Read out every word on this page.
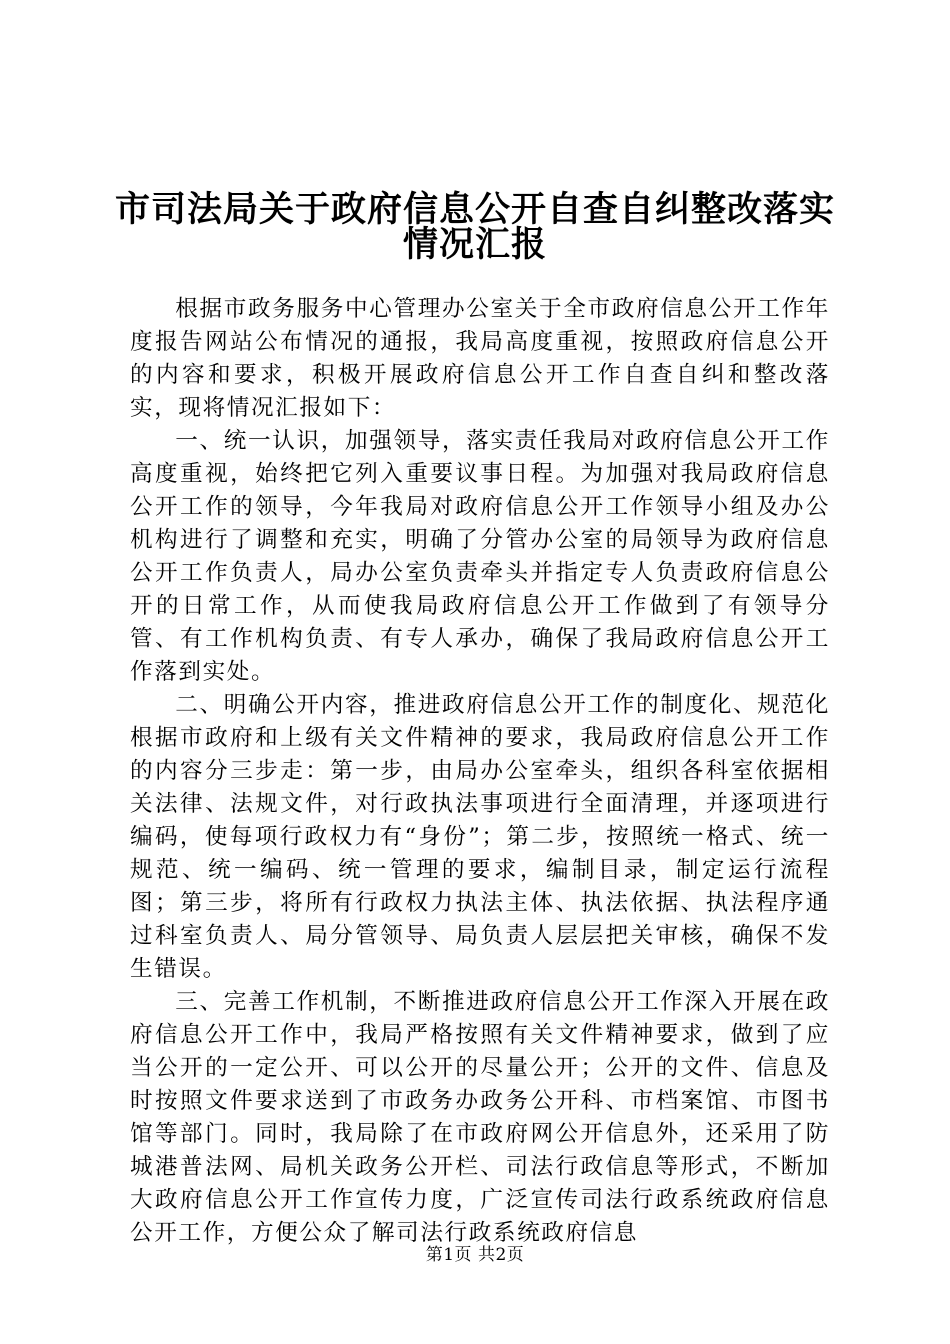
市司法局关于政府信息公开自查自纠整改落实
情况汇报

根据市政务服务中心管理办公室关于全市政府信息公开工作年度报告网站公布情况的通报，我局高度重视，按照政府信息公开的内容和要求，积极开展政府信息公开工作自查自纠和整改落实，现将情况汇报如下：

一、统一认识，加强领导，落实责任我局对政府信息公开工作高度重视，始终把它列入重要议事日程。为加强对我局政府信息公开工作的领导，今年我局对政府信息公开工作领导小组及办公机构进行了调整和充实，明确了分管办公室的局领导为政府信息公开工作负责人，局办公室负责牵头并指定专人负责政府信息公开的日常工作，从而使我局政府信息公开工作做到了有领导分管、有工作机构负责、有专人承办，确保了我局政府信息公开工作落到实处。

二、明确公开内容，推进政府信息公开工作的制度化、规范化根据市政府和上级有关文件精神的要求，我局政府信息公开工作的内容分三步走：第一步，由局办公室牵头，组织各科室依据相关法律、法规文件，对行政执法事项进行全面清理，并逐项进行编码，使每项行政权力有“身份”；第二步，按照统一格式、统一规范、统一编码、统一管理的要求，编制目录，制定运行流程图；第三步，将所有行政权力执法主体、执法依据、执法程序通过科室负责人、局分管领导、局负责人层层把关审核，确保不发生错误。

三、完善工作机制，不断推进政府信息公开工作深入开展在政府信息公开工作中，我局严格按照有关文件精神要求，做到了应当公开的一定公开、可以公开的尽量公开；公开的文件、信息及时按照文件要求送到了市政务办政务公开科、市档案馆、市图书馆等部门。同时，我局除了在市政府网公开信息外，还采用了防城港普法网、局机关政务公开栏、司法行政信息等形式，不断加大政府信息公开工作宣传力度，广泛宣传司法行政系统政府信息公开工作，方便公众了解司法行政系统政府信息

第1页 共2页
